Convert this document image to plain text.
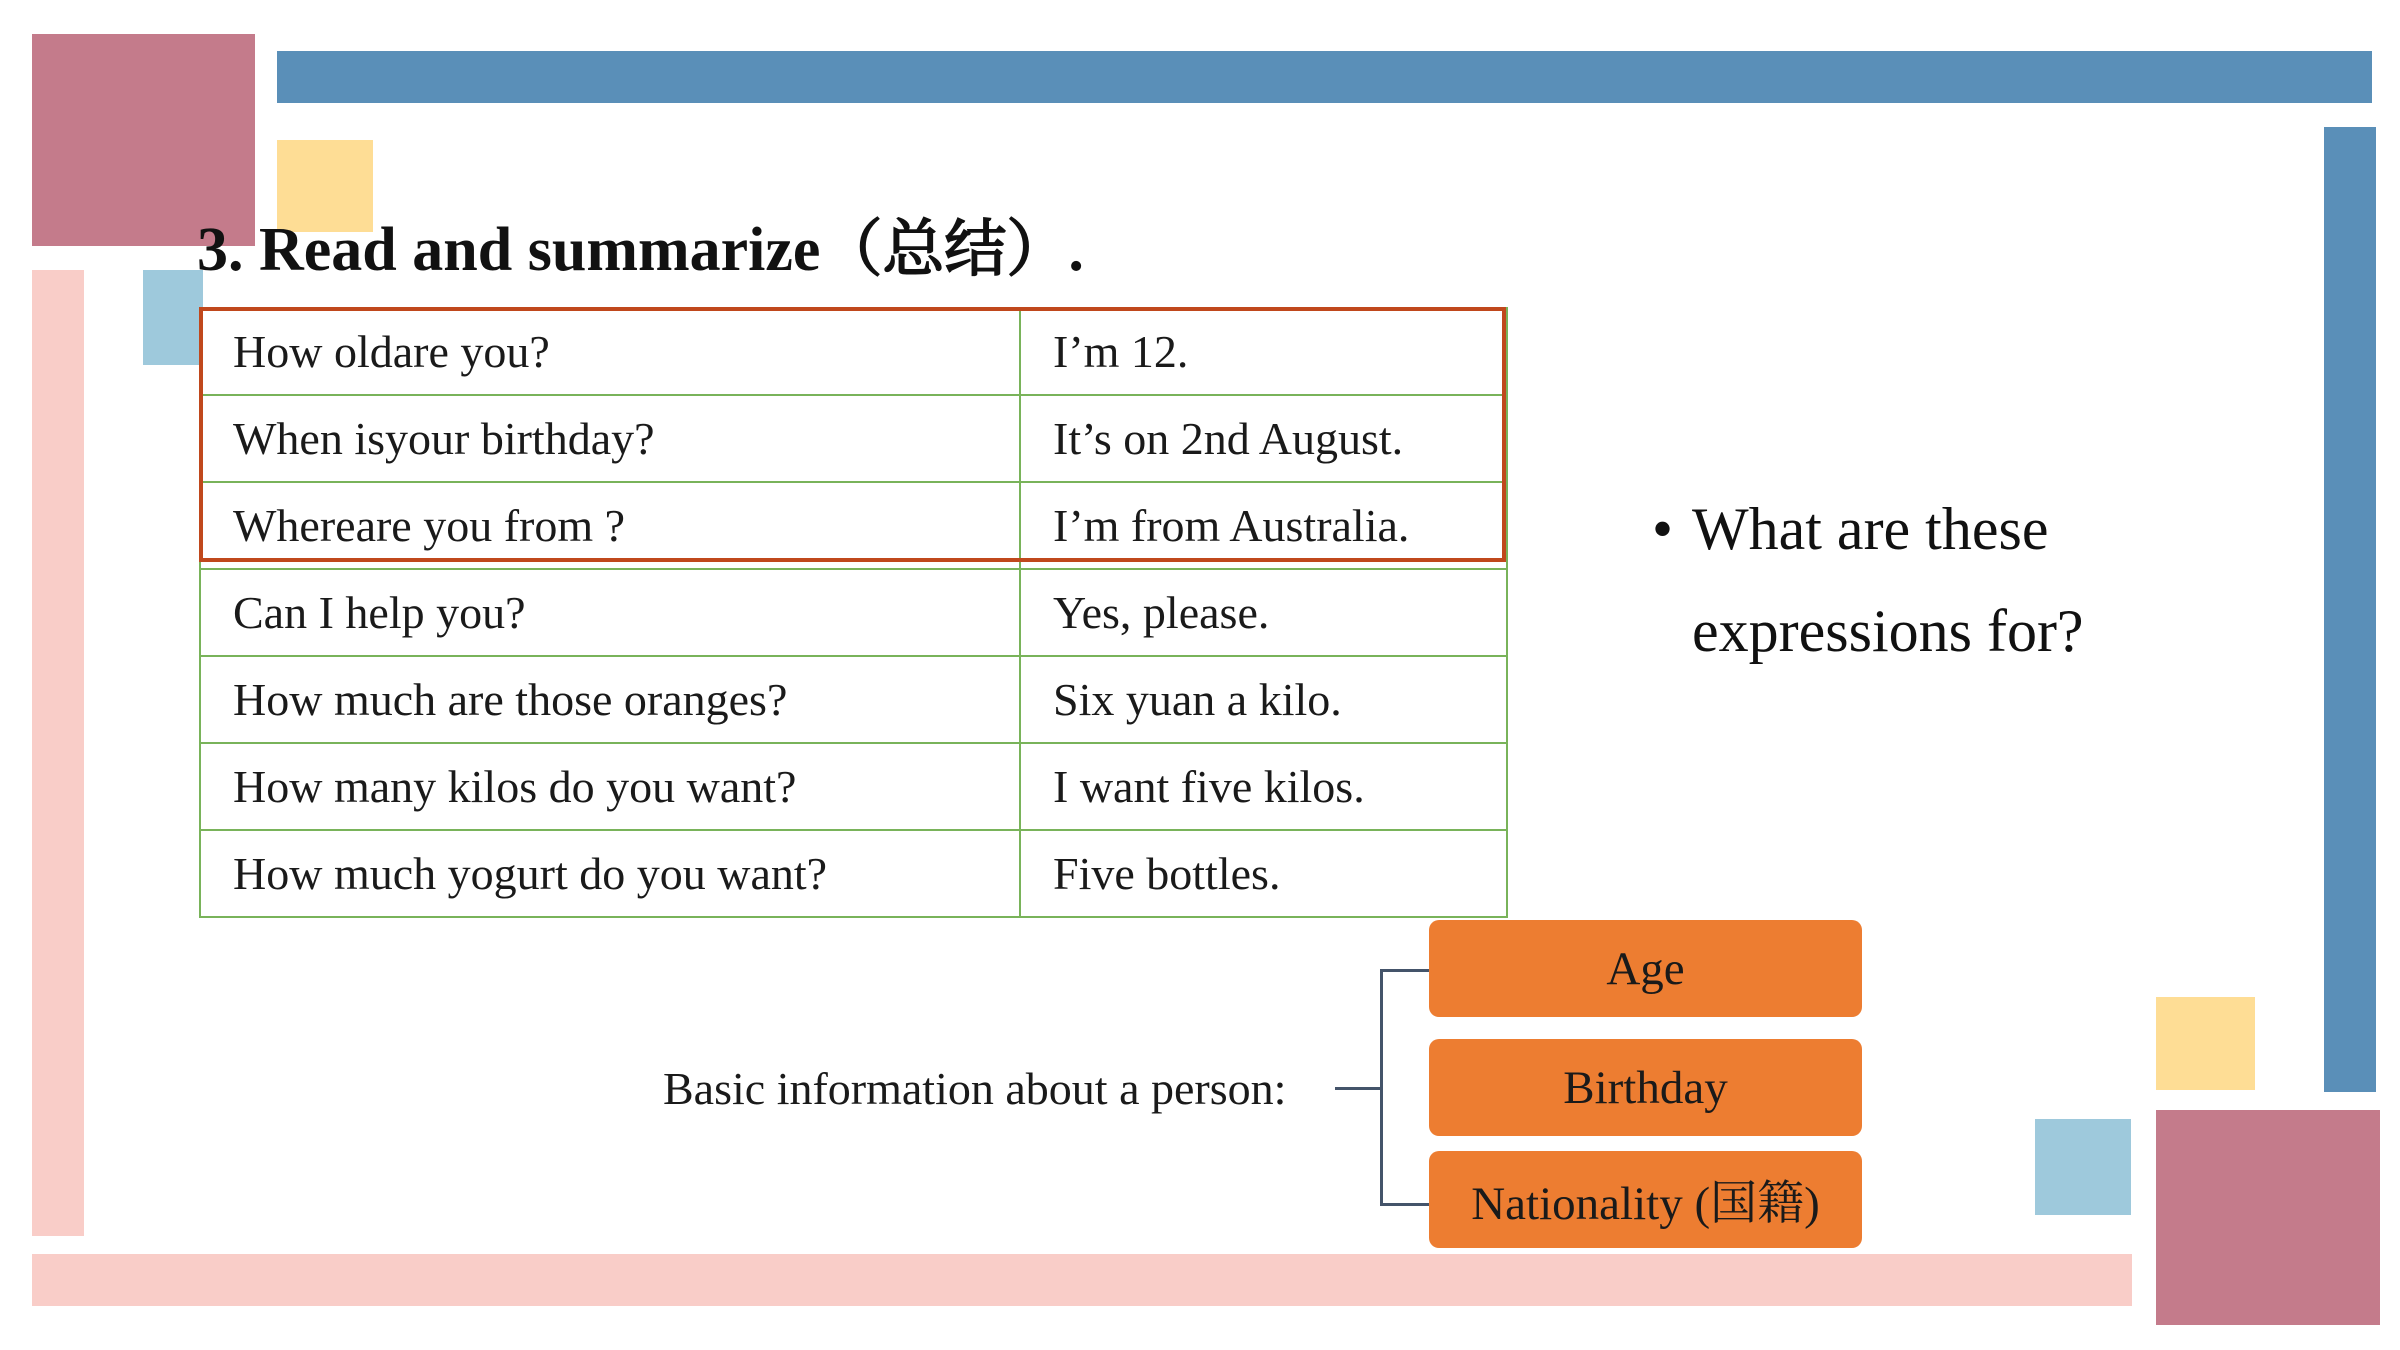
3. Read and summarize（总结）.
How oldare you?	I’m 12.
When isyour birthday?	It’s on 2nd August.
Whereare you from ?	I’m from Australia.
Can I help you?	Yes, please.
How much are those oranges?	Six yuan a kilo.
How many kilos do you want?	I want five kilos.
How much yogurt do you want?	Five bottles.
• What are these expressions for?
Basic information about a person:
Age
Birthday
Nationality (国籍)
